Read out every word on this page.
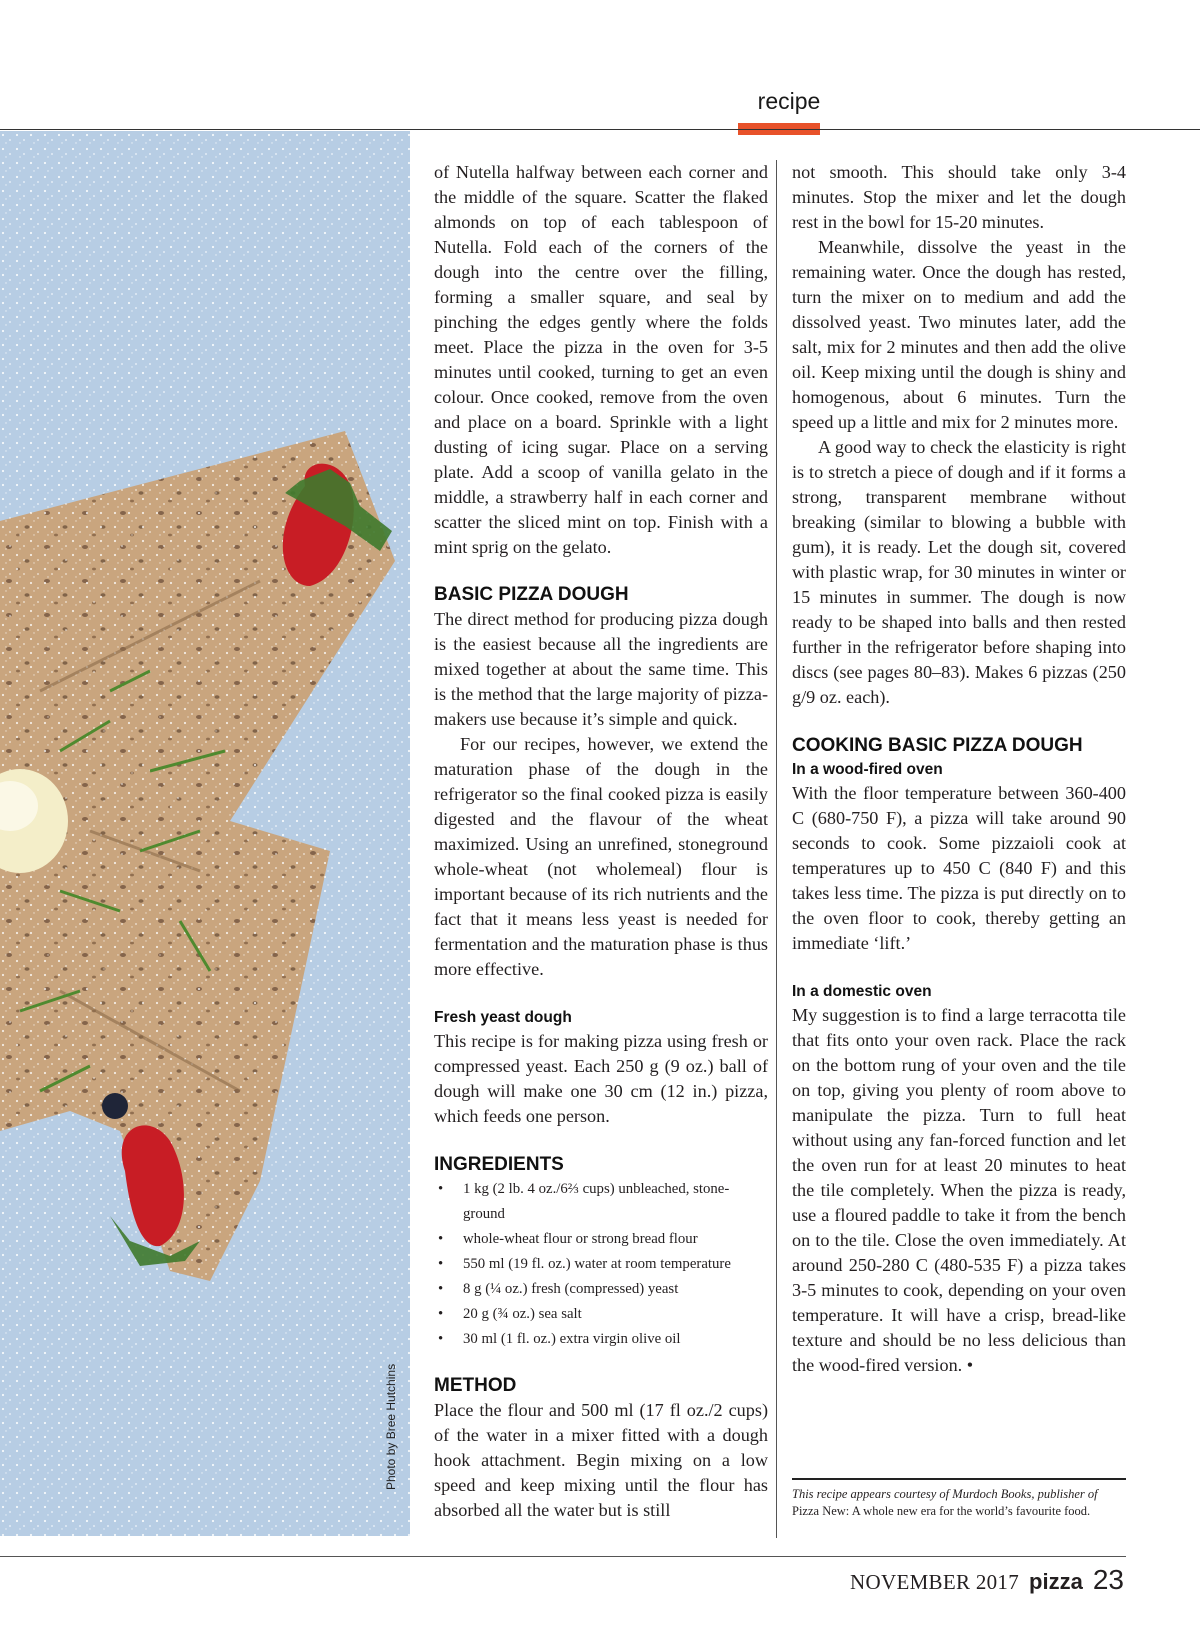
recipe
Photo by Bree Hutchins

of Nutella halfway between each corner and the middle of the square. Scatter the flaked almonds on top of each tablespoon of Nutella. Fold each of the corners of the dough into the centre over the filling, forming a smaller square, and seal by pinching the edges gently where the folds meet. Place the pizza in the oven for 3-5 minutes until cooked, turning to get an even colour. Once cooked, remove from the oven and place on a board. Sprinkle with a light dusting of icing sugar. Place on a serving plate. Add a scoop of vanilla gelato in the middle, a strawberry half in each corner and scatter the sliced mint on top. Finish with a mint sprig on the gelato.

BASIC PIZZA DOUGH

The direct method for producing pizza dough is the easiest because all the ingredients are mixed together at about the same time. This is the method that the large majority of pizza-makers use because it’s simple and quick.

For our recipes, however, we extend the maturation phase of the dough in the refrigerator so the final cooked pizza is easily digested and the flavour of the wheat maximized. Using an unrefined, stoneground whole-wheat (not wholemeal) flour is important because of its rich nutrients and the fact that it means less yeast is needed for fermentation and the maturation phase is thus more effective.

Fresh yeast dough

This recipe is for making pizza using fresh or compressed yeast. Each 250 g (9 oz.) ball of dough will make one 30 cm (12 in.) pizza, which feeds one person.

INGREDIENTS
• 1 kg (2 lb. 4 oz./6⅔ cups) unbleached, stone-ground
• whole-wheat flour or strong bread flour
• 550 ml (19 fl. oz.) water at room temperature
• 8 g (¼ oz.) fresh (compressed) yeast
• 20 g (¾ oz.) sea salt
• 30 ml (1 fl. oz.) extra virgin olive oil
METHOD

Place the flour and 500 ml (17 fl oz./2 cups) of the water in a mixer fitted with a dough hook attachment. Begin mixing on a low speed and keep mixing until the flour has absorbed all the water but is still

not smooth. This should take only 3-4 minutes. Stop the mixer and let the dough rest in the bowl for 15-20 minutes.

Meanwhile, dissolve the yeast in the remaining water. Once the dough has rested, turn the mixer on to medium and add the dissolved yeast. Two minutes later, add the salt, mix for 2 minutes and then add the olive oil. Keep mixing until the dough is shiny and homogenous, about 6 minutes. Turn the speed up a little and mix for 2 minutes more.

A good way to check the elasticity is right is to stretch a piece of dough and if it forms a strong, transparent membrane without breaking (similar to blowing a bubble with gum), it is ready. Let the dough sit, covered with plastic wrap, for 30 minutes in winter or 15 minutes in summer. The dough is now ready to be shaped into balls and then rested further in the refrigerator before shaping into discs (see pages 80–83). Makes 6 pizzas (250 g/9 oz. each).

COOKING BASIC PIZZA DOUGH
In a wood-fired oven

With the floor temperature between 360-400 C (680-750 F), a pizza will take around 90 seconds to cook. Some pizzaioli cook at temperatures up to 450 C (840 F) and this takes less time. The pizza is put directly on to the oven floor to cook, thereby getting an immediate ‘lift.’

In a domestic oven

My suggestion is to find a large terracotta tile that fits onto your oven rack. Place the rack on the bottom rung of your oven and the tile on top, giving you plenty of room above to manipulate the pizza. Turn to full heat without using any fan-forced function and let the oven run for at least 20 minutes to heat the tile completely. When the pizza is ready, use a floured paddle to take it from the bench on to the tile. Close the oven immediately. At around 250-280 C (480-535 F) a pizza takes 3-5 minutes to cook, depending on your oven temperature. It will have a crisp, bread-like texture and should be no less delicious than the wood-fired version. •

This recipe appears courtesy of Murdoch Books, publisher of
Pizza New: A whole new era for the world’s favourite food.
NOVEMBER 2017 pizza 23
